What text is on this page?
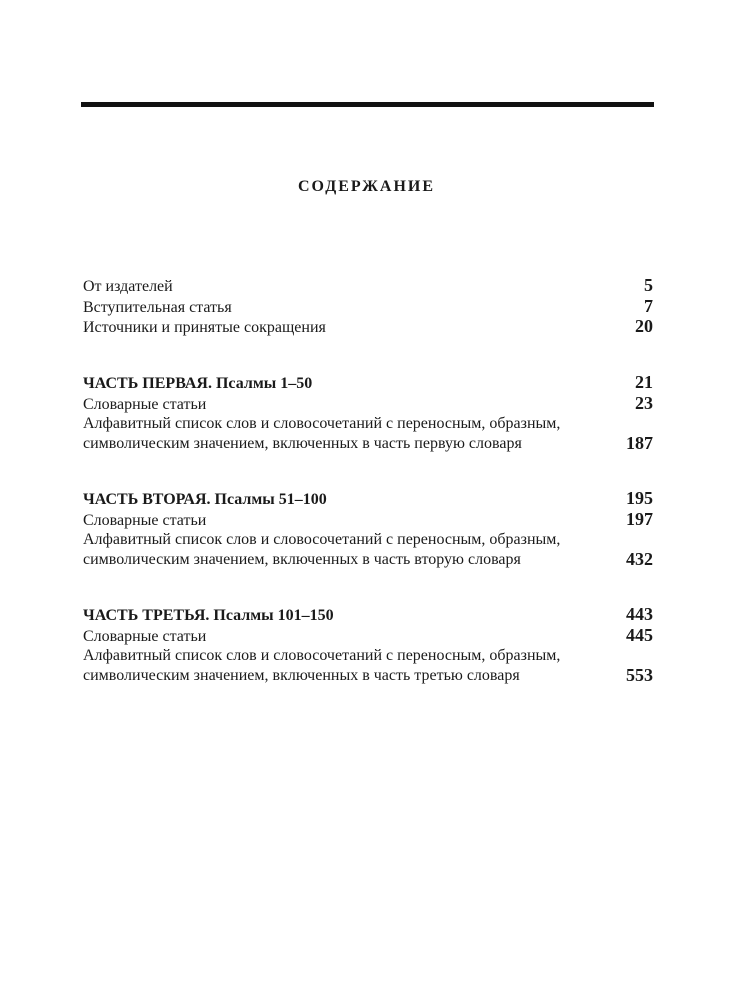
СОДЕРЖАНИЕ
От издателей	5
Вступительная статья	7
Источники и принятые сокращения	20
ЧАСТЬ ПЕРВАЯ. Псалмы 1–50	21
Словарные статьи	23
Алфавитный список слов и словосочетаний с переносным, образным,
символическим значением, включенных в часть первую словаря	187
ЧАСТЬ ВТОРАЯ. Псалмы 51–100	195
Словарные статьи	197
Алфавитный список слов и словосочетаний с переносным, образным,
символическим значением, включенных в часть вторую словаря	432
ЧАСТЬ ТРЕТЬЯ. Псалмы 101–150	443
Словарные статьи	445
Алфавитный список слов и словосочетаний с переносным, образным,
символическим значением, включенных в часть третью словаря	553
